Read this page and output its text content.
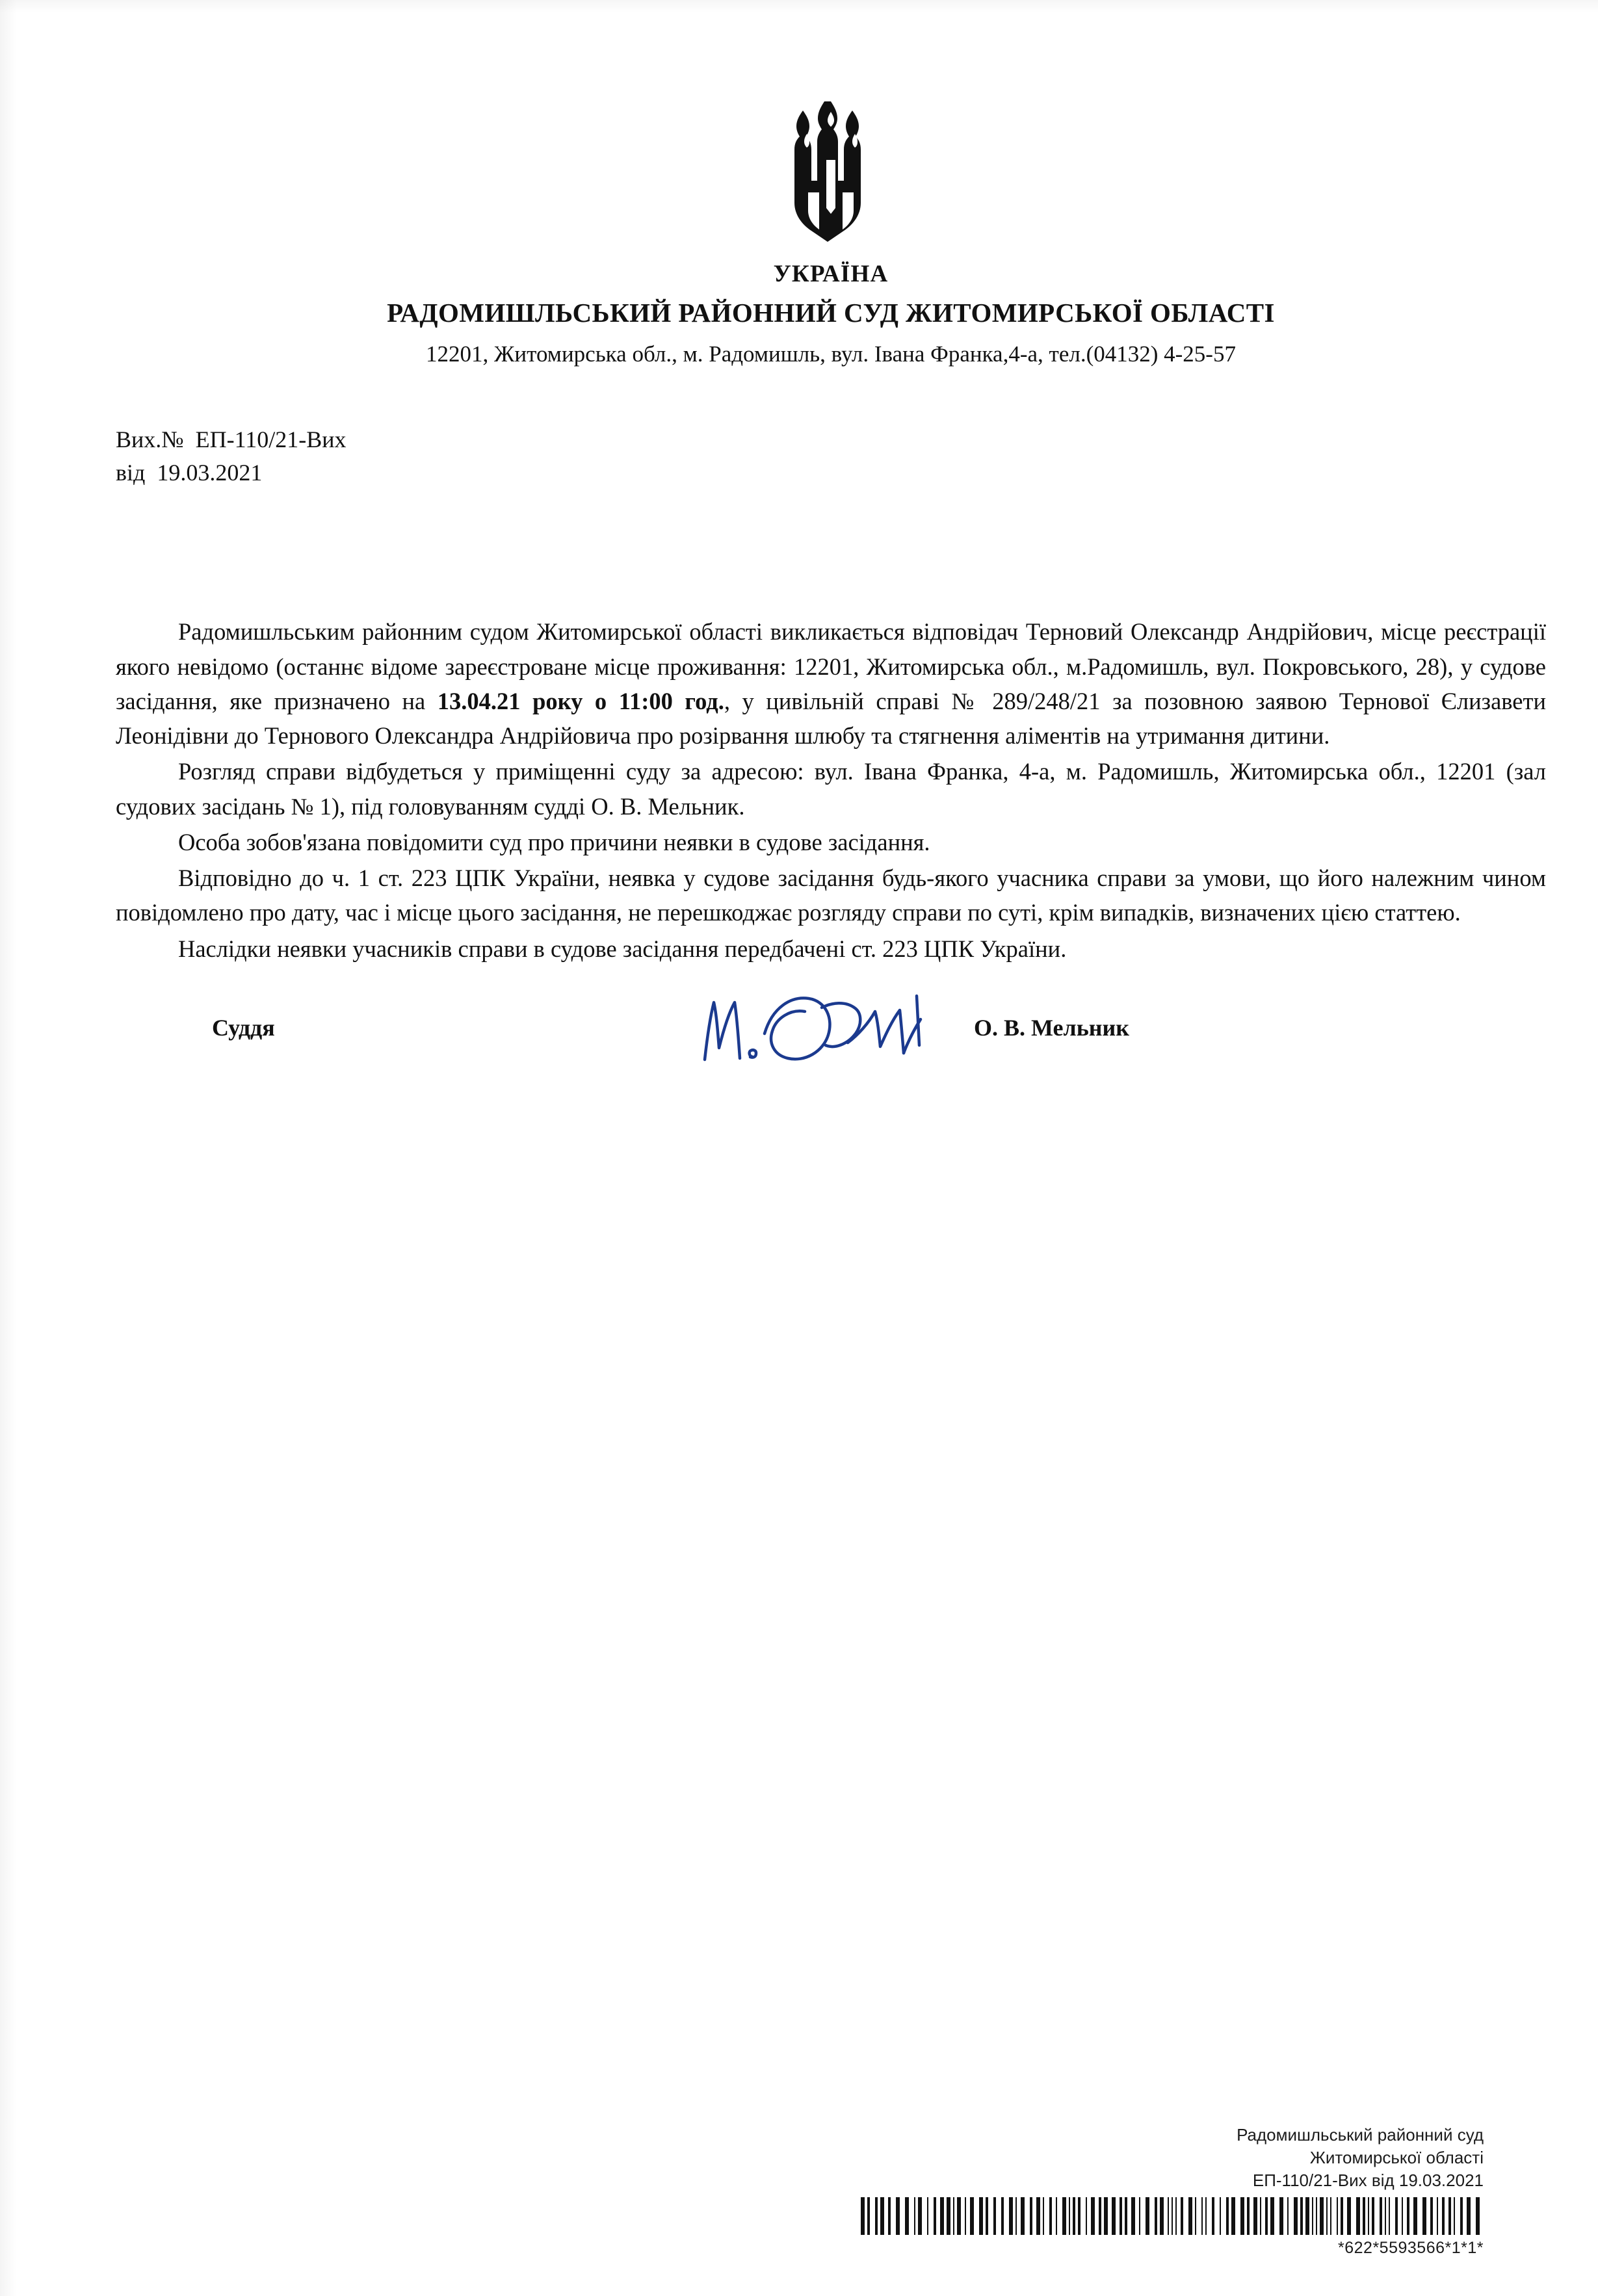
УКРАЇНА
РАДОМИШЛЬСЬКИЙ РАЙОННИЙ СУД ЖИТОМИРСЬКОЇ ОБЛАСТІ
12201, Житомирська обл., м. Радомишль, вул. Івана Франка,4-а, тел.(04132) 4-25-57
Вих.№  ЕП-110/21-Вих
від  19.03.2021

Радомишльським районним судом Житомирської області викликається відповідач Терновий Олександр Андрійович, місце реєстрації якого невідомо (останнє відоме зареєстроване місце проживання: 12201, Житомирська обл., м.Радомишль, вул. Покровського, 28), у судове засідання, яке призначено на 13.04.21 року о 11:00 год., у цивільній справі № 289/248/21 за позовною заявою Тернової Єлизавети Леонідівни до Тернового Олександра Андрійовича про розірвання шлюбу та стягнення аліментів на утримання дитини.

Розгляд справи відбудеться у приміщенні суду за адресою: вул. Івана Франка, 4-а, м. Радомишль, Житомирська обл., 12201 (зал судових засідань № 1), під головуванням суддi О. В. Мельник.

Особа зобов'язана повідомити суд про причини неявки в судове засідання.

Відповідно до ч. 1 ст. 223 ЦПК України, неявка у судове засідання будь-якого учасника справи за умови, що його належним чином повідомлено про дату, час і місце цього засідання, не перешкоджає розгляду справи по суті, крім випадків, визначених цією статтею.

Наслідки неявки учасників справи в судове засідання передбачені ст. 223 ЦПК України.

Суддя	О. В. Мельник
Радомишльський районний суд
Житомирської області
ЕП-110/21-Вих від 19.03.2021
*622*5593566*1*1*
